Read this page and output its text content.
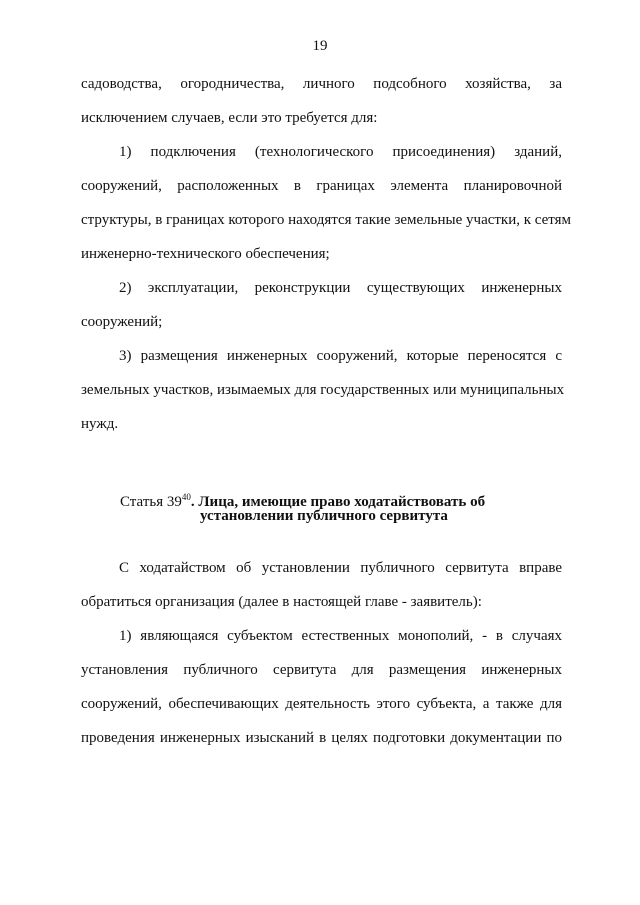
19
садоводства, огородничества, личного подсобного хозяйства, за
исключением случаев, если это требуется для:
1) подключения (технологического присоединения) зданий,
сооружений, расположенных в границах элемента планировочной
структуры, в границах которого находятся такие земельные участки, к сетям
инженерно-технического обеспечения;
2) эксплуатации, реконструкции существующих инженерных
сооружений;
3) размещения инженерных сооружений, которые переносятся с
земельных участков, изымаемых для государственных или муниципальных
нужд.
Статья $39^{40}$. Лица, имеющие право ходатайствовать об
установлении публичного сервитута
С ходатайством об установлении публичного сервитута вправе
обратиться организация (далее в настоящей главе - заявитель):
1) являющаяся субъектом естественных монополий, - в случаях
установления публичного сервитута для размещения инженерных
сооружений, обеспечивающих деятельность этого субъекта, а также для
проведения инженерных изысканий в целях подготовки документации по
